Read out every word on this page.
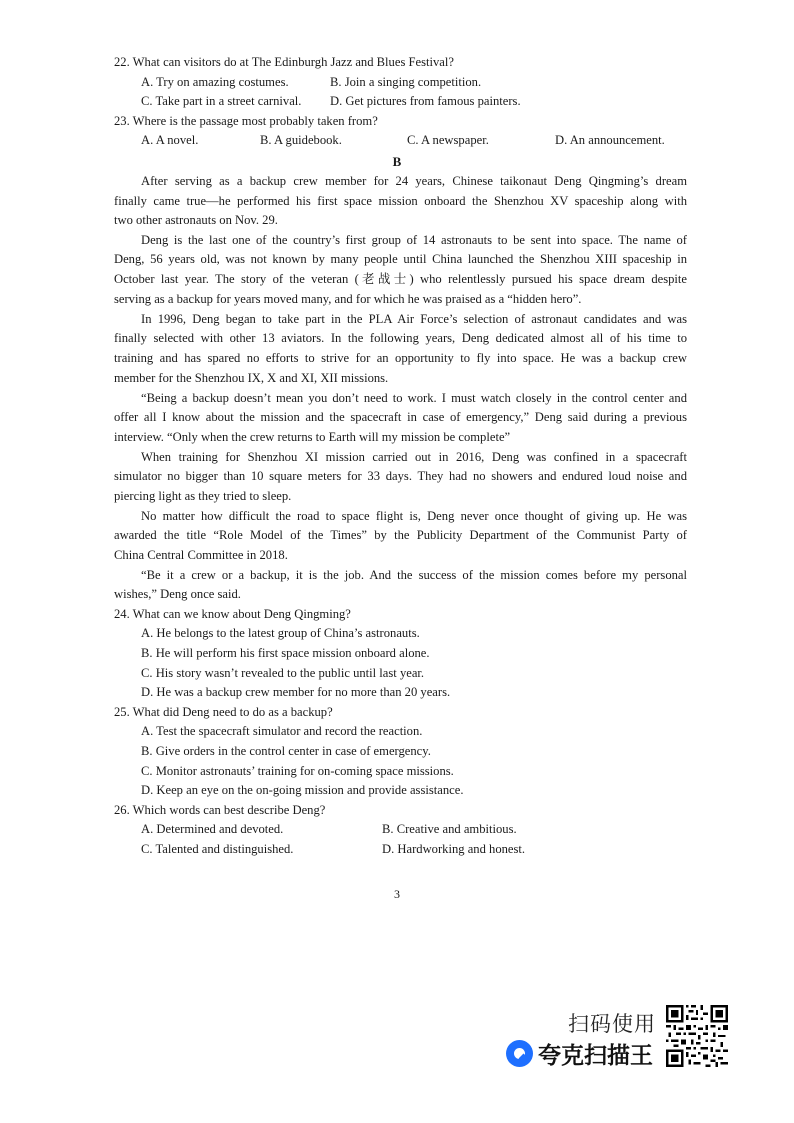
22. What can visitors do at The Edinburgh Jazz and Blues Festival?
A. Try on amazing costumes.	B. Join a singing competition.
C. Take part in a street carnival. D. Get pictures from famous painters.
23. Where is the passage most probably taken from?
A. A novel.	B. A guidebook.	C. A newspaper.	D. An announcement.
B
After serving as a backup crew member for 24 years, Chinese taikonaut Deng Qingming’s dream
finally came true—he performed his first space mission onboard the Shenzhou XV spaceship along with
two other astronauts on Nov. 29.
Deng is the last one of the country’s first group of 14 astronauts to be sent into space. The name of
Deng, 56 years old, was not known by many people until China launched the Shenzhou XIII spaceship in
October last year. The story of the veteran (老战士) who relentlessly pursued his space dream despite
serving as a backup for years moved many, and for which he was praised as a “hidden hero”.
In 1996, Deng began to take part in the PLA Air Force’s selection of astronaut candidates and was
finally selected with other 13 aviators. In the following years, Deng dedicated almost all of his time to
training and has spared no efforts to strive for an opportunity to fly into space. He was a backup crew
member for the Shenzhou IX, X and XI, XII missions.
“Being a backup doesn’t mean you don’t need to work. I must watch closely in the control center and
offer all I know about the mission and the spacecraft in case of emergency,” Deng said during a previous
interview. “Only when the crew returns to Earth will my mission be complete”
When training for Shenzhou XI mission carried out in 2016, Deng was confined in a spacecraft
simulator no bigger than 10 square meters for 33 days. They had no showers and endured loud noise and
piercing light as they tried to sleep.
No matter how difficult the road to space flight is, Deng never once thought of giving up. He was
awarded the title “Role Model of the Times” by the Publicity Department of the Communist Party of
China Central Committee in 2018.
“Be it a crew or a backup, it is the job. And the success of the mission comes before my personal
wishes,” Deng once said.
24. What can we know about Deng Qingming?
A. He belongs to the latest group of China’s astronauts.
B. He will perform his first space mission onboard alone.
C. His story wasn’t revealed to the public until last year.
D. He was a backup crew member for no more than 20 years.
25. What did Deng need to do as a backup?
A. Test the spacecraft simulator and record the reaction.
B. Give orders in the control center in case of emergency.
C. Monitor astronauts’ training for on-coming space missions.
D. Keep an eye on the on-going mission and provide assistance.
26. Which words can best describe Deng?
A. Determined and devoted.	B. Creative and ambitious.
C. Talented and distinguished.	D. Hardworking and honest.
3
扫码使用
夸克扫描王
